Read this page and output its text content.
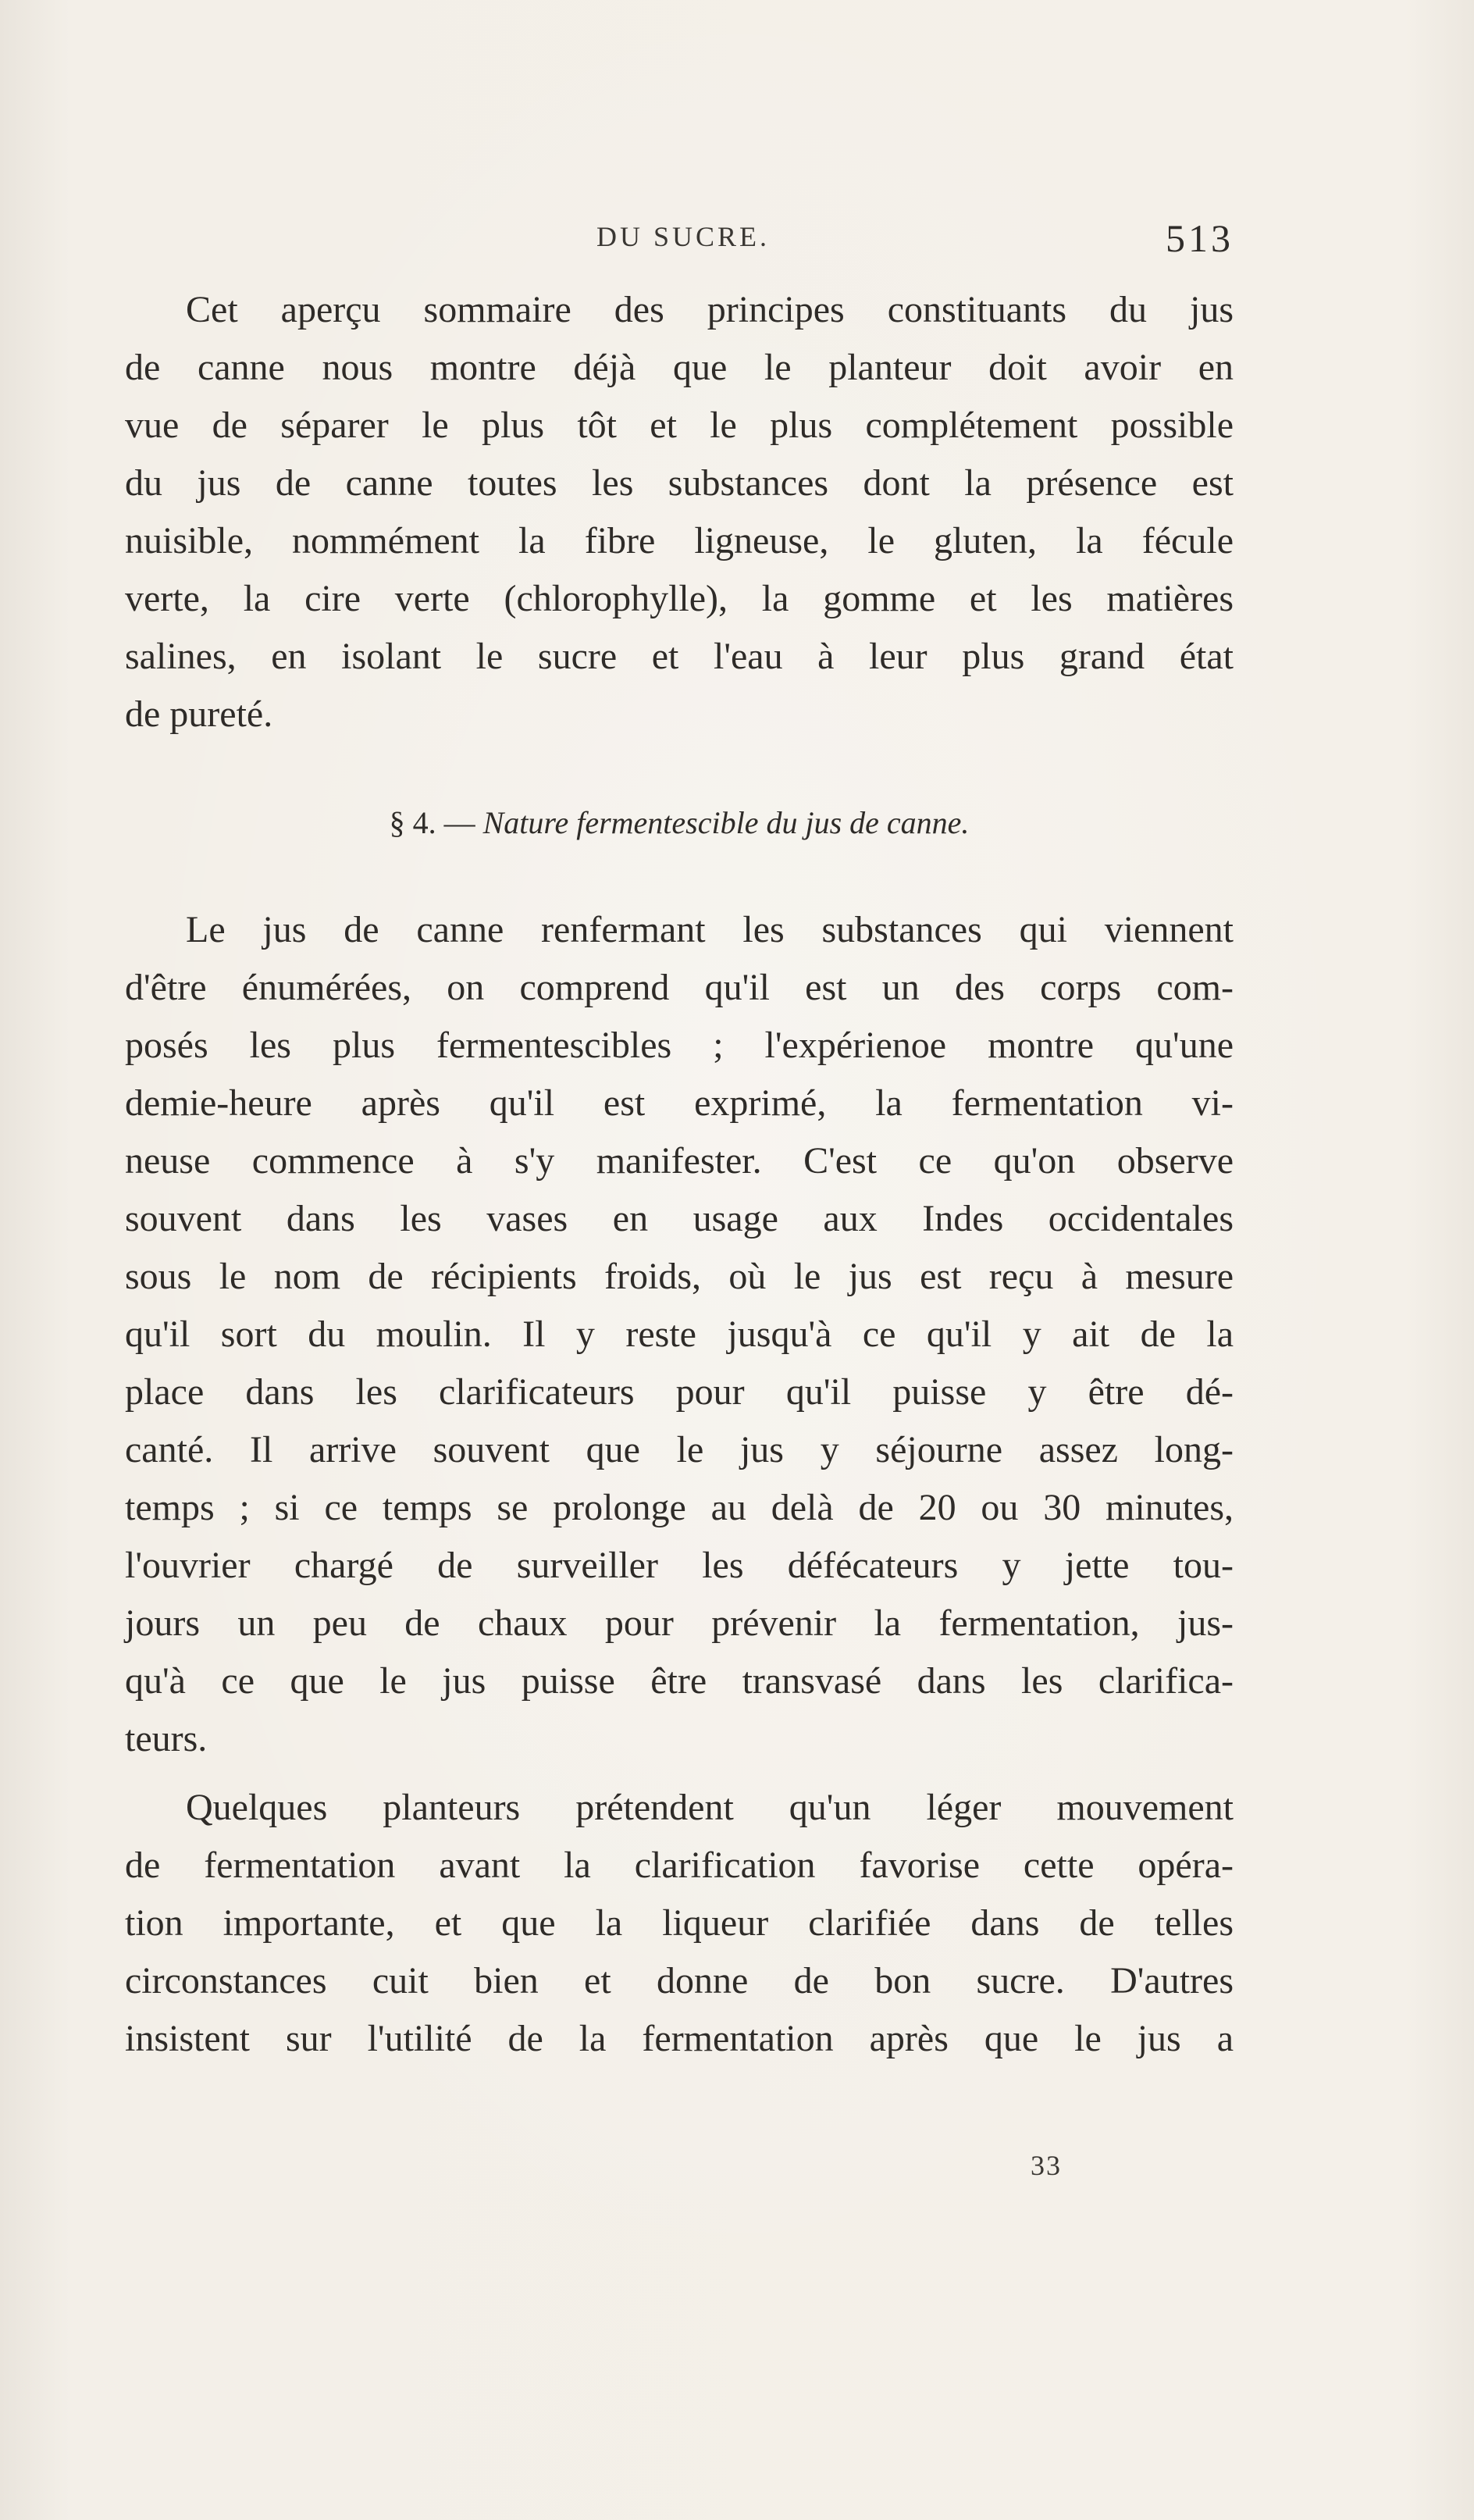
DU SUCRE.	513
Cet aperçu sommaire des principes constituants du jus
de canne nous montre déjà que le planteur doit avoir en
vue de séparer le plus tôt et le plus complétement possible
du jus de canne toutes les substances dont la présence est
nuisible, nommément la fibre ligneuse, le gluten, la fécule
verte, la cire verte (chlorophylle), la gomme et les matières
salines, en isolant le sucre et l'eau à leur plus grand état
de pureté.
§ 4. — Nature fermentescible du jus de canne.
Le jus de canne renfermant les substances qui viennent
d'être énumérées, on comprend qu'il est un des corps com-
posés les plus fermentescibles ; l'expérienoe montre qu'une
demie-heure après qu'il est exprimé, la fermentation vi-
neuse commence à s'y manifester. C'est ce qu'on observe
souvent dans les vases en usage aux Indes occidentales
sous le nom de récipients froids, où le jus est reçu à mesure
qu'il sort du moulin. Il y reste jusqu'à ce qu'il y ait de la
place dans les clarificateurs pour qu'il puisse y être dé-
canté. Il arrive souvent que le jus y séjourne assez long-
temps ; si ce temps se prolonge au delà de 20 ou 30 minutes,
l'ouvrier chargé de surveiller les défécateurs y jette tou-
jours un peu de chaux pour prévenir la fermentation, jus-
qu'à ce que le jus puisse être transvasé dans les clarifica-
teurs.
Quelques planteurs prétendent qu'un léger mouvement
de fermentation avant la clarification favorise cette opéra-
tion importante, et que la liqueur clarifiée dans de telles
circonstances cuit bien et donne de bon sucre. D'autres
insistent sur l'utilité de la fermentation après que le jus a
33
